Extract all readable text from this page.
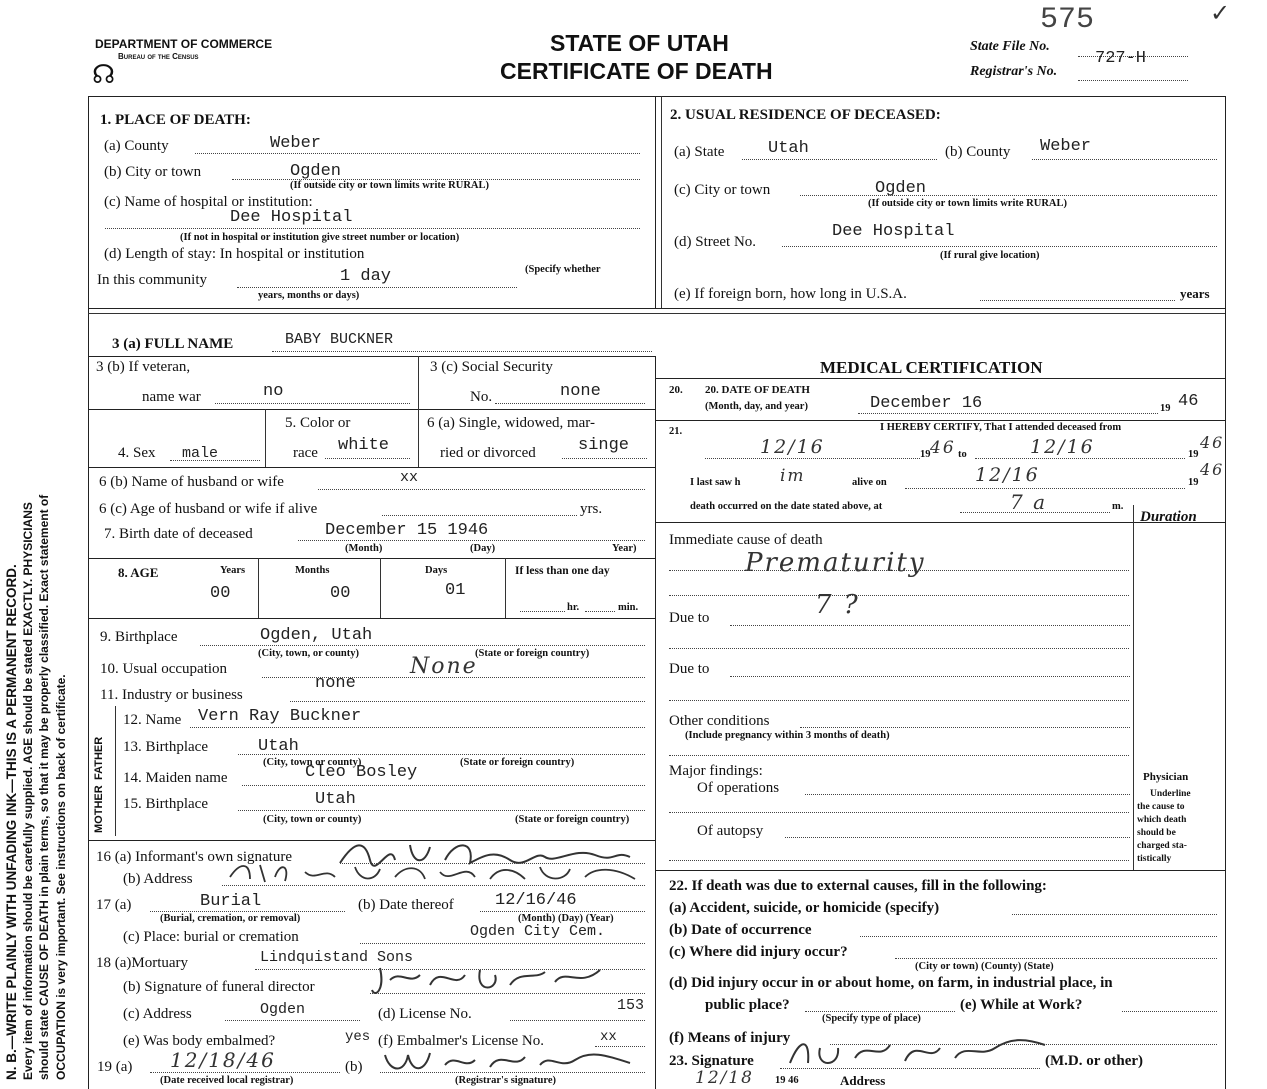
N. B.—WRITE PLAINLY WITH UNFADING INK—THIS IS A PERMANENT RECORD. Every item of information should be carefully supplied. AGE should be stated EXACTLY. PHYSICIANS should state CAUSE OF DEATH in plain terms, so that it may be properly classified. Exact statement of OCCUPATION is very important. See instructions on back of certificate.
DEPARTMENT OF COMMERCE
Bureau of the Census
☊
STATE OF UTAH
CERTIFICATE OF DEATH
575	✓
State File No.
Registrar's No.
727-H
1. PLACE OF DEATH:
(a) County	Weber
(b) City or town	Ogden
(If outside city or town limits write RURAL)
(c) Name of hospital or institution:
Dee Hospital
(If not in hospital or institution give street number or location)
(d) Length of stay: In hospital or institution
In this community	1 day	(Specify whether
years, months or days)
2. USUAL RESIDENCE OF DECEASED:
(a) State	Utah	(b) County Weber
(c) City or town	Ogden
(If outside city or town limits write RURAL)
(d) Street No.
Dee Hospital
(If rural give location)
(e) If foreign born, how long in U.S.A.	years
3 (a) FULL NAME	BABY BUCKNER
3 (b) If veteran,
name war	no
3 (c) Social Security
No.	none
5. Color or
race white
6 (a) Single, widowed, mar-
ried or divorced singe
4. Sex male
6 (b) Name of husband or wife	xx
6 (c) Age of husband or wife if alive	yrs.
7. Birth date of deceased	December 15 1946
(Month)	(Day)	Year)
8. AGE	Years	Months	Days	If less than one day
00	00	01
hr.	min.
9. Birthplace	Ogden, Utah
(City, town, or county)	(State or foreign country)
10. Usual occupation	None
11. Industry or business
none
FATHER
MOTHER
12. Name Vern Ray Buckner
13. Birthplace	Utah
(City, town or county)	(State or foreign country)
14. Maiden name	Cleo Bosley
15. Birthplace	Utah
(City, town or county)	(State or foreign country)
16 (a) Informant's own signature
(b) Address
17 (a)	Burial
(Burial, cremation, or removal)
(b) Date thereof 12/16/46
(Month) (Day) (Year)
(c) Place: burial or cremation	Ogden City Cem.
18 (a)Mortuary	Lindquistand Sons
(b) Signature of funeral director
(c) Address	Ogden	(d) License No.	153
(e) Was body embalmed?	yes (f) Embalmer's License No.	xx
19 (a) 12/18/46
(Date received local registrar)
(b)
(Registrar's signature)
MEDICAL CERTIFICATION
20. 20. DATE OF DEATH
(Month, day, and year)	December 16	19 46
21.	I HEREBY CERTIFY, That I attended deceased from
12/16	19 46 to	12/16	19
46
I last saw h im	alive on	12/16	19
46
death occurred on the date stated above, at	7 a	m.
Duration
Immediate cause of death
Prematurity
Due to	7 ?
Due to
Other conditions
(Include pregnancy within 3 months of death)
Major findings:
Of operations
Of autopsy
Physician
Underline
the cause to
which death
should be
charged sta-
tistically
22. If death was due to external causes, fill in the following:
(a) Accident, suicide, or homicide (specify)
(b) Date of occurrence
(c) Where did injury occur?
(City or town) (County) (State)
(d) Did injury occur in or about home, on farm, in industrial place, in
public place?
(Specify type of place)
(e) While at Work?
(f) Means of injury
23. Signature	(M.D. or other)
12/18 19 46	Address
